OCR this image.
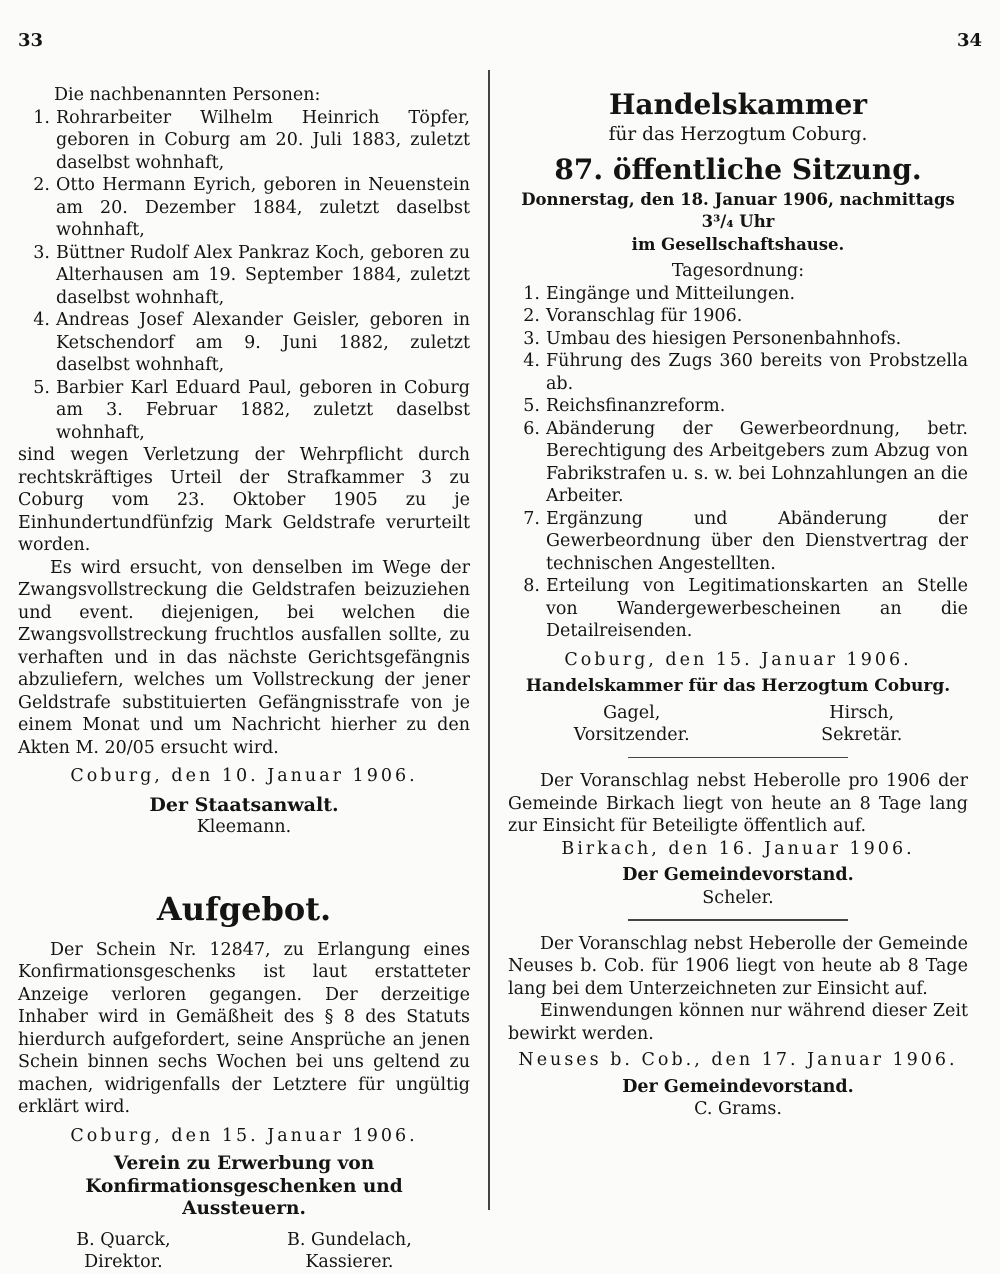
33	34

Die nachbenannten Personen:

1. Rohrarbeiter Wilhelm Heinrich Töpfer, geboren in Coburg am 20. Juli 1883, zuletzt daselbst wohnhaft,
2. Otto Hermann Eyrich, geboren in Neuenstein am 20. Dezember 1884, zuletzt daselbst wohnhaft,
3. Büttner Rudolf Alex Pankraz Koch, geboren zu Alterhausen am 19. September 1884, zuletzt daselbst wohnhaft,
4. Andreas Josef Alexander Geisler, geboren in Ketschendorf am 9. Juni 1882, zuletzt daselbst wohnhaft,
5. Barbier Karl Eduard Paul, geboren in Coburg am 3. Februar 1882, zuletzt daselbst wohnhaft,

sind wegen Verletzung der Wehrpflicht durch rechtskräftiges Urteil der Strafkammer 3 zu Coburg vom 23. Oktober 1905 zu je Einhundertundfünfzig Mark Geldstrafe verurteilt worden.

Es wird ersucht, von denselben im Wege der Zwangsvollstreckung die Geldstrafen beizuziehen und event. diejenigen, bei welchen die Zwangsvollstreckung fruchtlos ausfallen sollte, zu verhaften und in das nächste Gerichtsgefängnis abzuliefern, welches um Vollstreckung der jener Geldstrafe substituierten Gefängnisstrafe von je einem Monat und um Nachricht hierher zu den Akten M. 20/05 ersucht wird.

Coburg, den 10. Januar 1906.

Der Staatsanwalt.

Kleemann.

Aufgebot.

Der Schein Nr. 12847, zu Erlangung eines Konfirmationsgeschenks ist laut erstatteter Anzeige verloren gegangen. Der derzeitige Inhaber wird in Gemäßheit des § 8 des Statuts hierdurch aufgefordert, seine Ansprüche an jenen Schein binnen sechs Wochen bei uns geltend zu machen, widrigenfalls der Letztere für ungültig erklärt wird.

Coburg, den 15. Januar 1906.

Verein zu Erwerbung von Konfirmationsgeschenken und Aussteuern.

B. Quarck,
Direktor.
B. Gundelach,
Kassierer.

Handelskammer

für das Herzogtum Coburg.

87. öffentliche Sitzung.

Donnerstag, den 18. Januar 1906, nachmittags 3³/₄ Uhr

im Gesellschaftshause.

Tagesordnung:

1. Eingänge und Mitteilungen.
2. Voranschlag für 1906.
3. Umbau des hiesigen Personenbahnhofs.
4. Führung des Zugs 360 bereits von Probstzella ab.
5. Reichsfinanzreform.
6. Abänderung der Gewerbeordnung, betr. Berechtigung des Arbeitgebers zum Abzug von Fabrikstrafen u. s. w. bei Lohnzahlungen an die Arbeiter.
7. Ergänzung und Abänderung der Gewerbeordnung über den Dienstvertrag der technischen Angestellten.
8. Erteilung von Legitimationskarten an Stelle von Wandergewerbescheinen an die Detailreisenden.

Coburg, den 15. Januar 1906.

Handelskammer für das Herzogtum Coburg.

Gagel,
Vorsitzender.
Hirsch,
Sekretär.

Der Voranschlag nebst Heberolle pro 1906 der Gemeinde Birkach liegt von heute an 8 Tage lang zur Einsicht für Beteiligte öffentlich auf.

Birkach, den 16. Januar 1906.

Der Gemeindevorstand.

Scheler.

Der Voranschlag nebst Heberolle der Gemeinde Neuses b. Cob. für 1906 liegt von heute ab 8 Tage lang bei dem Unterzeichneten zur Einsicht auf.

Einwendungen können nur während dieser Zeit bewirkt werden.

Neuses b. Cob., den 17. Januar 1906.

Der Gemeindevorstand.

C. Grams.
